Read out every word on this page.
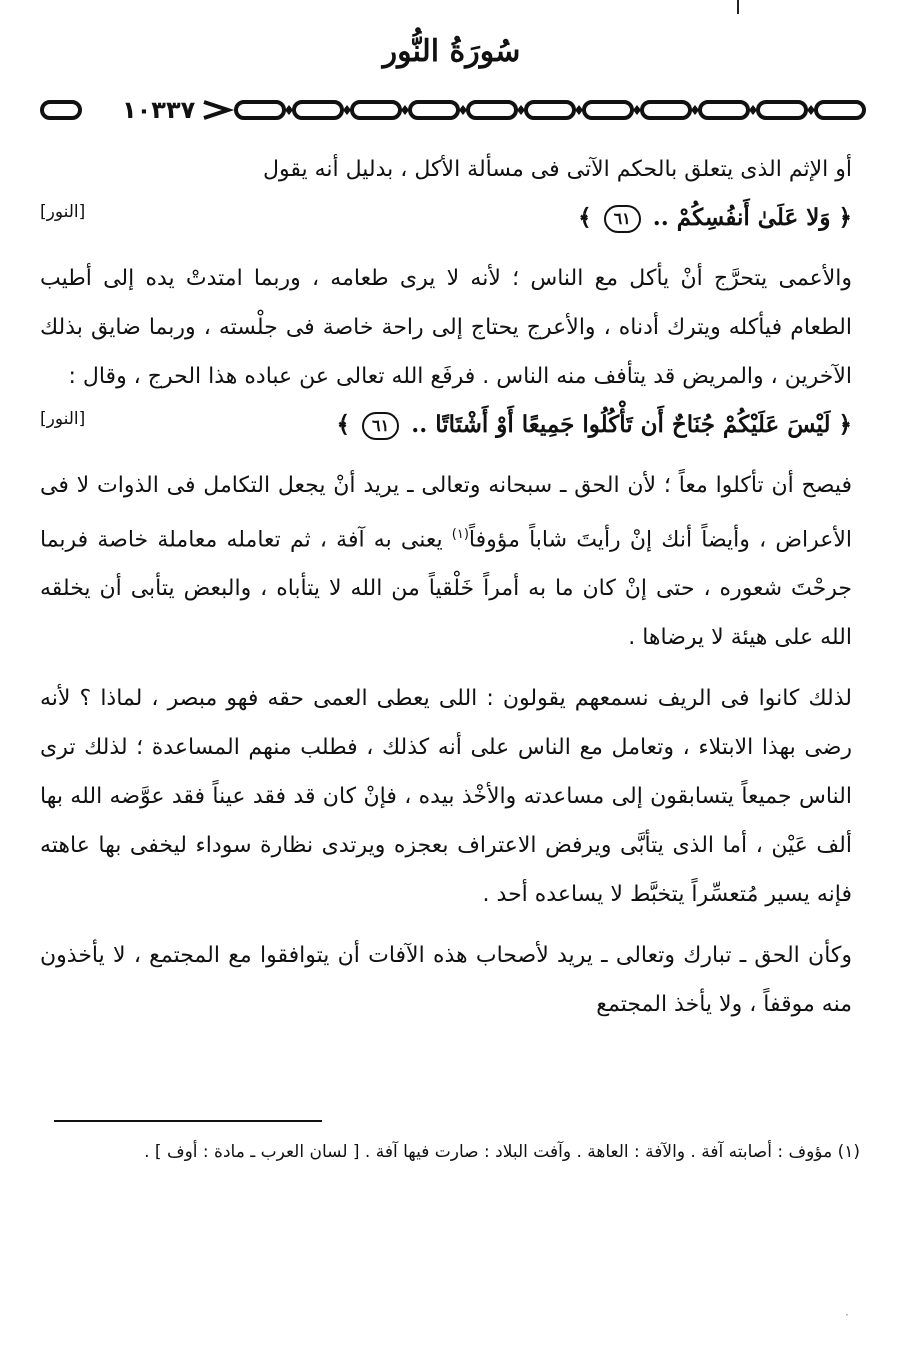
سُورَةُ النُّور
١٠٣٣٧

أو الإثم الذى يتعلق بالحكم الآتى فى مسألة الأكل ، بدليل أنه يقول

﴿ وَلا عَلَىٰ أَنفُسِكُمْ .. ٦١ ﴾
[النور]

والأعمى يتحرَّج أنْ يأكل مع الناس ؛ لأنه لا يرى طعامه ، وربما امتدتْ يده إلى أطيب الطعام فيأكله ويترك أدناه ، والأعرج يحتاج إلى راحة خاصة فى جلْسته ، وربما ضايق بذلك الآخرين ، والمريض قد يتأفف منه الناس . فرفَع الله تعالى عن عباده هذا الحرج ، وقال :

﴿ لَيْسَ عَلَيْكُمْ جُنَاحٌ أَن تَأْكُلُوا جَمِيعًا أَوْ أَشْتَاتًا .. ٦١ ﴾
[النور]

فيصح أن تأكلوا معاً ؛ لأن الحق ـ سبحانه وتعالى ـ يريد أنْ يجعل التكامل فى الذوات لا فى الأعراض ، وأيضاً أنك إنْ رأيتَ شاباً مؤوفاً$^{(١)}$ يعنى به آفة ، ثم تعامله معاملة خاصة فربما جرحْتَ شعوره ، حتى إنْ كان ما به أمراً خَلْقياً من الله لا يتأباه ، والبعض يتأبى أن يخلقه الله على هيئة لا يرضاها .

لذلك كانوا فى الريف نسمعهم يقولون : اللى يعطى العمى حقه فهو مبصر ، لماذا ؟ لأنه رضى بهذا الابتلاء ، وتعامل مع الناس على أنه كذلك ، فطلب منهم المساعدة ؛ لذلك ترى الناس جميعاً يتسابقون إلى مساعدته والأخْذ بيده ، فإنْ كان قد فقد عيناً فقد عوَّضه الله بها ألف عَيْن ، أما الذى يتأبَّى ويرفض الاعتراف بعجزه ويرتدى نظارة سوداء ليخفى بها عاهته فإنه يسير مُتعسِّراً يتخبَّط لا يساعده أحد .

وكأن الحق ـ تبارك وتعالى ـ يريد لأصحاب هذه الآفات أن يتوافقوا مع المجتمع ، لا يأخذون منه موقفاً ، ولا يأخذ المجتمع

(١) مؤوف : أصابته آفة . والآفة : العاهة . وآفت البلاد : صارت فيها آفة . [ لسان العرب ـ مادة : أوف ] .
·
